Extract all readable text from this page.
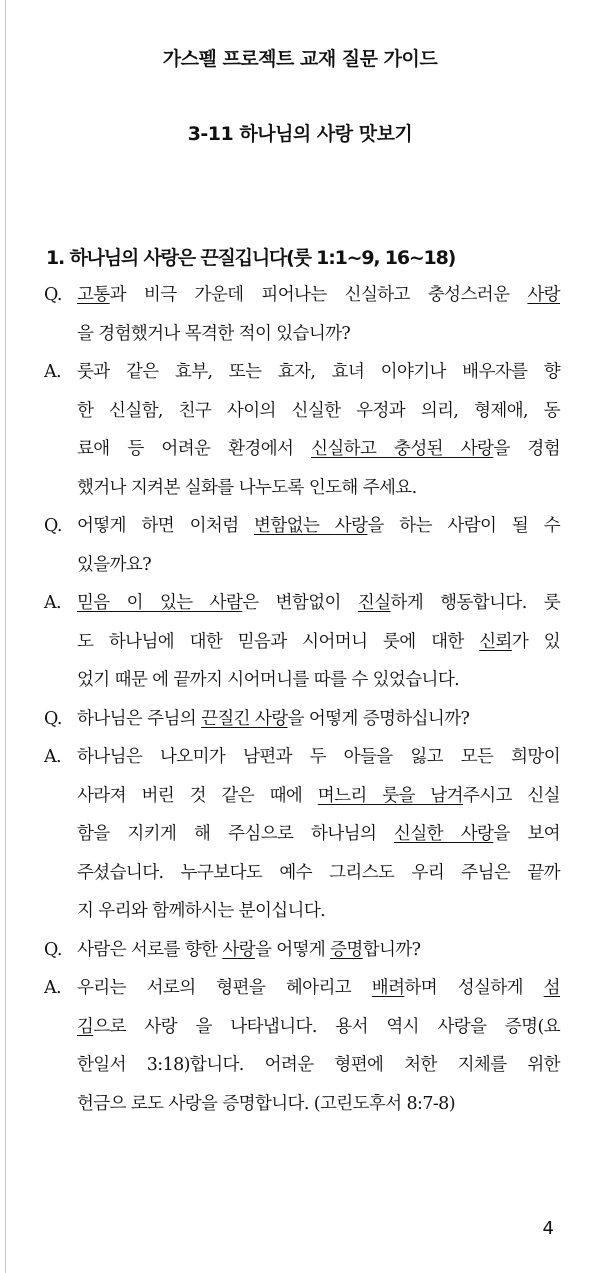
가스펠 프로젝트 교재 질문 가이드
3-11 하나님의 사랑 맛보기
1. 하나님의 사랑은 끈질깁니다(룻 1:1~9, 16~18)
Q. 고통과 비극 가운데 피어나는 신실하고 충성스러운 사랑
을 경험했거나 목격한 적이 있습니까?
A. 룻과 같은 효부, 또는 효자, 효녀 이야기나 배우자를 향
한 신실함, 친구 사이의 신실한 우정과 의리, 형제애, 동
료애 등 어려운 환경에서 신실하고 충성된 사랑을 경험
했거나 지켜본 실화를 나누도록 인도해 주세요.
Q. 어떻게 하면 이처럼 변함없는 사랑을 하는 사람이 될 수
있을까요?
A. 믿음 이 있는 사람은 변함없이 진실하게 행동합니다. 룻
도 하나님에 대한 믿음과 시어머니 룻에 대한 신뢰가 있
었기 때문 에 끝까지 시어머니를 따를 수 있었습니다.
Q. 하나님은 주님의 끈질긴 사랑을 어떻게 증명하십니까?
A. 하나님은 나오미가 남편과 두 아들을 잃고 모든 희망이
사라져 버린 것 같은 때에 며느리 룻을 남겨주시고 신실
함을 지키게 해 주심으로 하나님의 신실한 사랑을 보여
주셨습니다. 누구보다도 예수 그리스도 우리 주님은 끝까
지 우리와 함께하시는 분이십니다.
Q. 사람은 서로를 향한 사랑을 어떻게 증명합니까?
A. 우리는 서로의 형편을 헤아리고 배려하며 성실하게 섬
김으로 사랑 을 나타냅니다. 용서 역시 사랑을 증명(요
한일서 3:18)합니다. 어려운 형편에 처한 지체를 위한
헌금으 로도 사랑을 증명합니다. (고린도후서 8:7-8)
4
